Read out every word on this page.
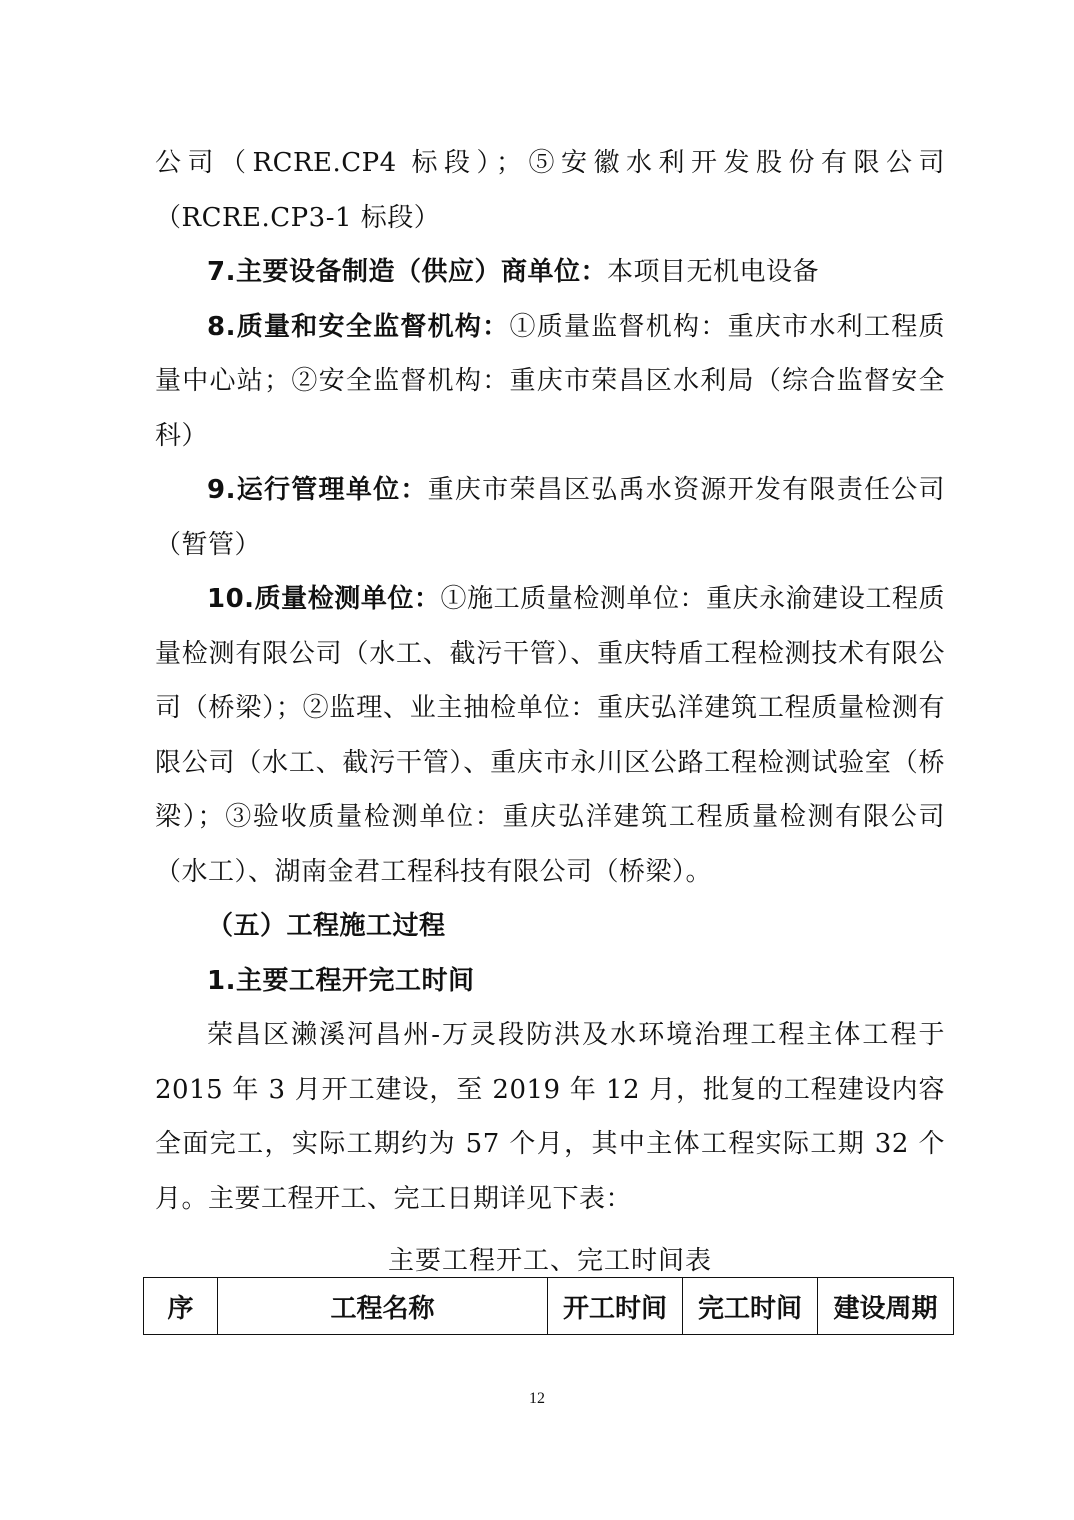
公司（RCRE.CP4 标段）；⑤安徽水利开发股份有限公司（RCRE.CP3-1 标段）

7.主要设备制造（供应）商单位：本项目无机电设备

8.质量和安全监督机构：①质量监督机构：重庆市水利工程质量中心站；②安全监督机构：重庆市荣昌区水利局（综合监督安全科）

9.运行管理单位：重庆市荣昌区弘禹水资源开发有限责任公司（暂管）

10.质量检测单位：①施工质量检测单位：重庆永渝建设工程质量检测有限公司（水工、截污干管）、重庆特盾工程检测技术有限公司（桥梁）；②监理、业主抽检单位：重庆弘洋建筑工程质量检测有限公司（水工、截污干管）、重庆市永川区公路工程检测试验室（桥梁）；③验收质量检测单位：重庆弘洋建筑工程质量检测有限公司（水工）、湖南金君工程科技有限公司（桥梁）。

（五）工程施工过程

1.主要工程开完工时间

荣昌区濑溪河昌州-万灵段防洪及水环境治理工程主体工程于 2015 年 3 月开工建设，至 2019 年 12 月，批复的工程建设内容全面完工，实际工期约为 57 个月，其中主体工程实际工期 32 个月。主要工程开工、完工日期详见下表：

主要工程开工、完工时间表

序	工程名称	开工时间	完工时间	建设周期
12
